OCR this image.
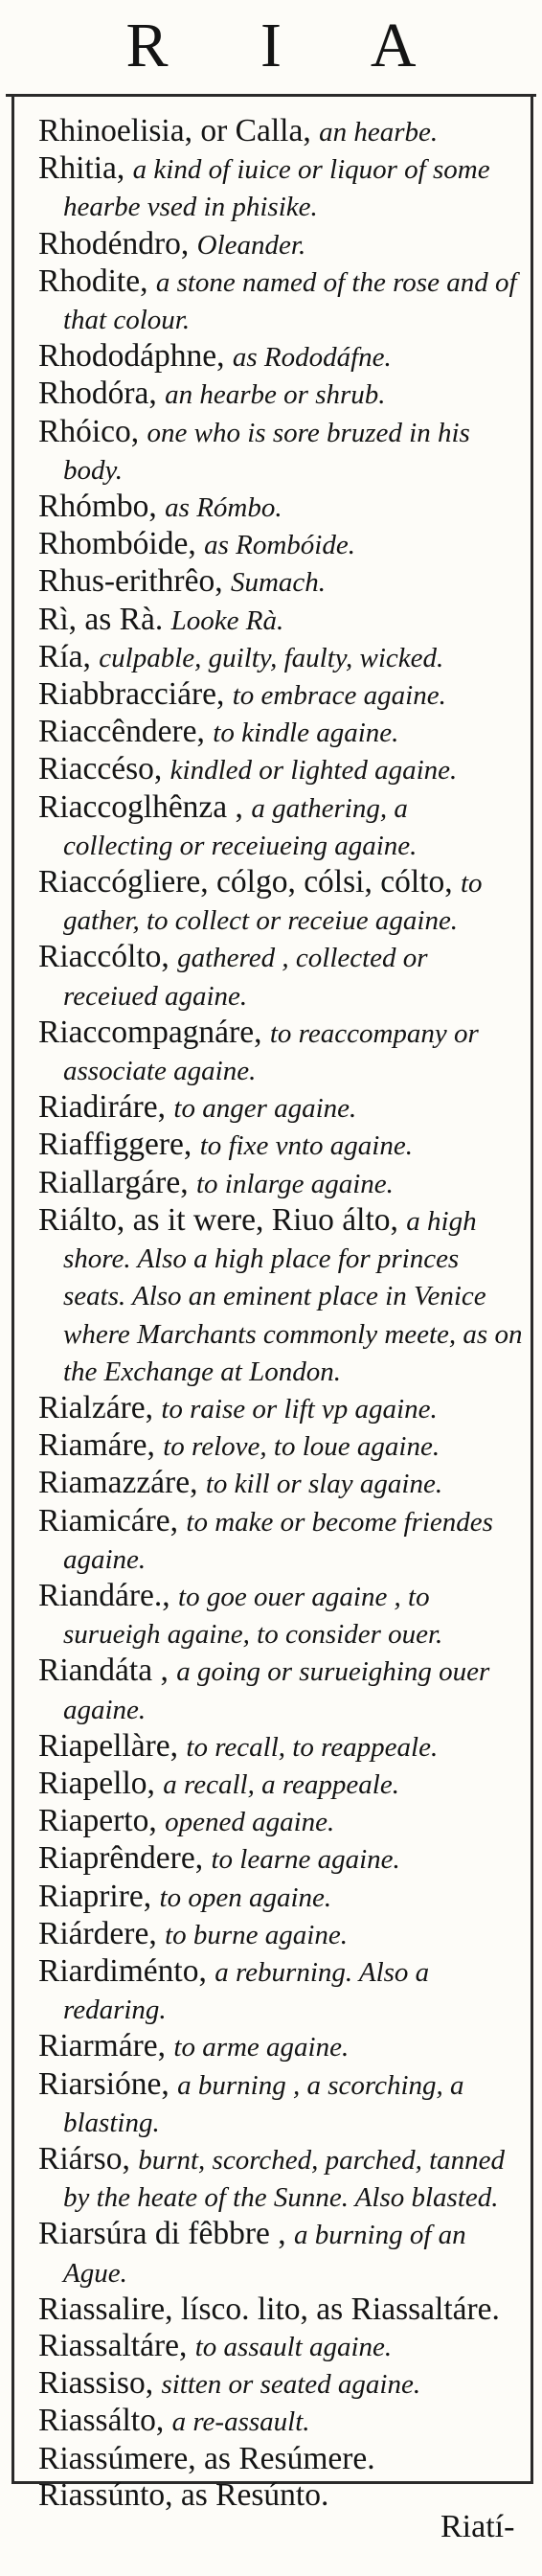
R I A

Rhinoelisia, or Calla, an hearbe.

Rhitia, a kind of iuice or liquor of some hearbe vsed in phisike.

Rhodéndro, Oleander.

Rhodite, a stone named of the rose and of that colour.

Rhododáphne, as Rododáfne.

Rhodóra, an hearbe or shrub.

Rhóico, one who is sore bruzed in his body.

Rhómbo, as Rómbo.

Rhombóide, as Rombóide.

Rhus-erithrêo, Sumach.

Rì, as Rà. Looke Rà.

Ría, culpable, guilty, faulty, wicked.

Riabbracciáre, to embrace againe.

Riaccêndere, to kindle againe.

Riaccéso, kindled or lighted againe.

Riaccoglhênza , a gathering, a collecting or receiueing againe.

Riaccógliere, cólgo, cólsi, cólto, to gather, to collect or receiue againe.

Riaccólto, gathered , collected or receiued againe.

Riaccompagnáre, to reaccompany or associate againe.

Riadiráre, to anger againe.

Riaffiggere, to fixe vnto againe.

Riallargáre, to inlarge againe.

Riálto, as it were, Riuo álto, a high shore. Also a high place for princes seats. Also an eminent place in Venice where Marchants commonly meete, as on the Exchange at London.

Rialzáre, to raise or lift vp againe.

Riamáre, to relove, to loue againe.

Riamazzáre, to kill or slay againe.

Riamicáre, to make or become friendes againe.

Riandáre., to goe ouer againe , to surueigh againe, to consider ouer.

Riandáta , a going or surueighing ouer againe.

Riapellàre, to recall, to reappeale.

Riapello, a recall, a reappeale.

Riaperto, opened againe.

Riaprêndere, to learne againe.

Riaprire, to open againe.

Riárdere, to burne againe.

Riardiménto, a reburning. Also a redaring.

Riarmáre, to arme againe.

Riarsióne, a burning , a scorching, a blasting.

Riárso, burnt, scorched, parched, tanned by the heate of the Sunne. Also blasted.

Riarsúra di fêbbre , a burning of an Ague.

Riassalire, lísco. lito, as Riassaltáre.

Riassaltáre, to assault againe.

Riassiso, sitten or seated againe.

Riassálto, a re-assault.

Riassúmere, as Resúmere.

Riassúnto, as Resúnto.

Riatí-
